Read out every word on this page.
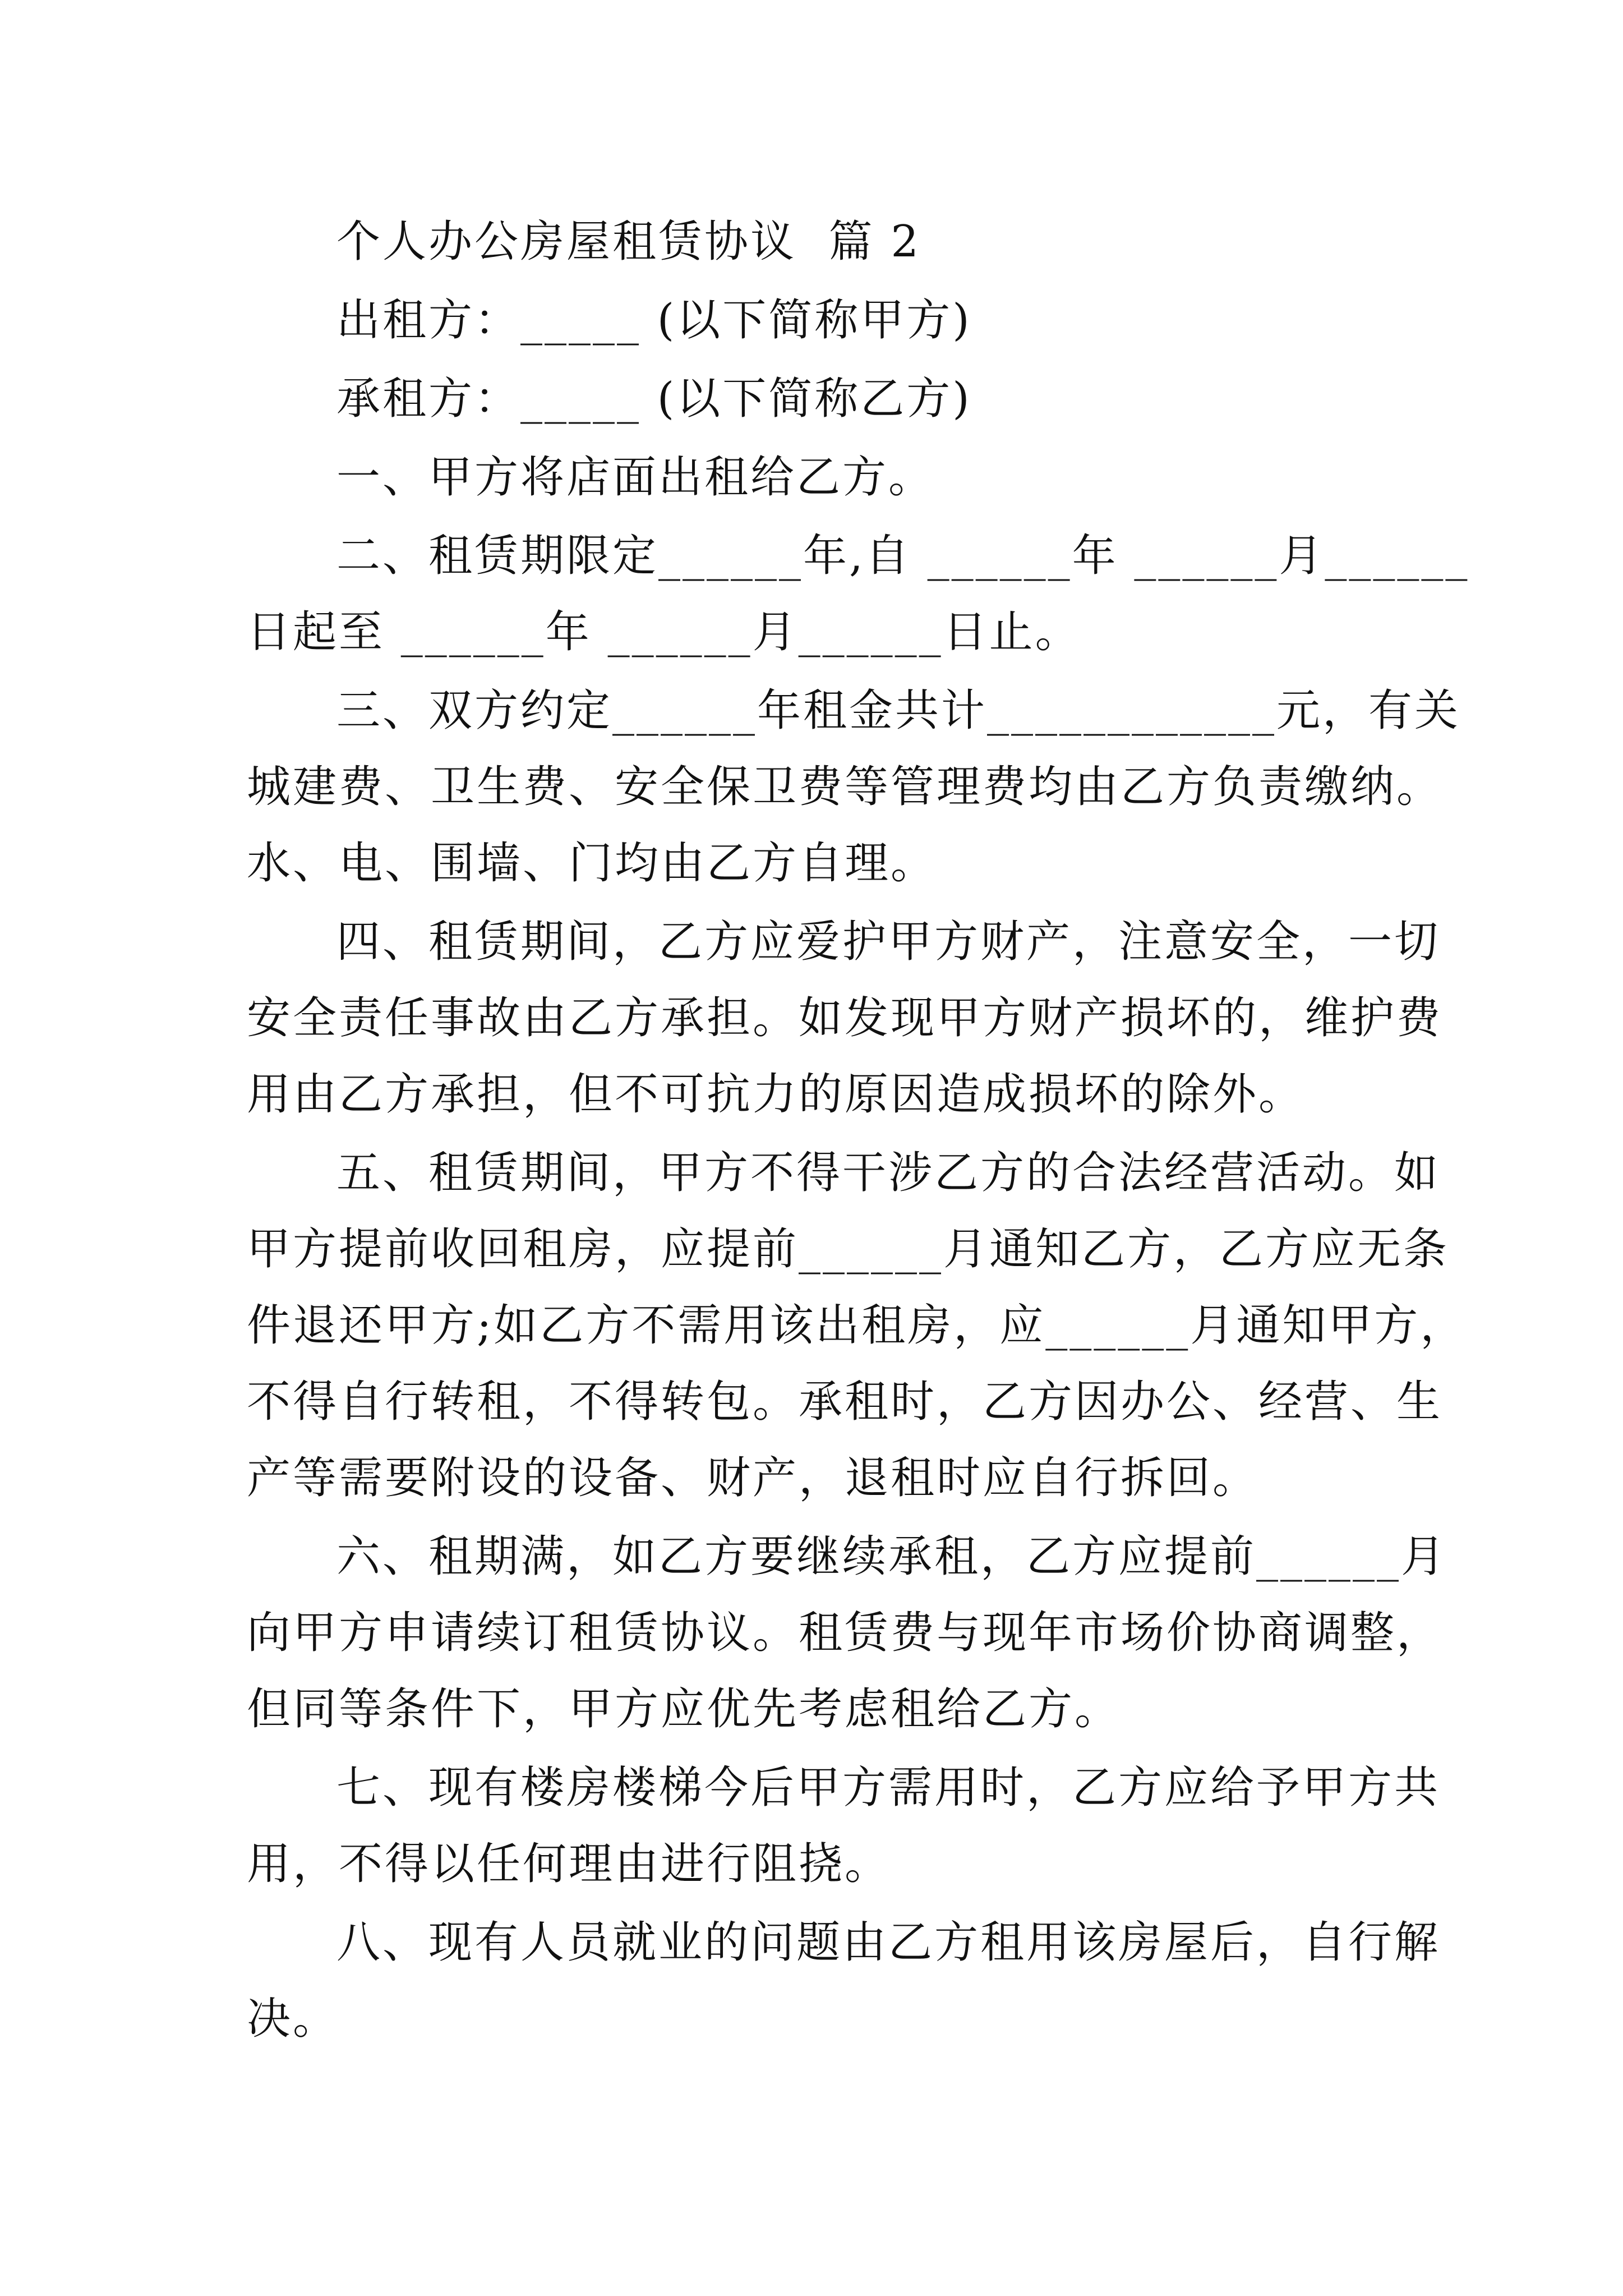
个人办公房屋租赁协议  篇 2
出租方：_____ (以下简称甲方)
承租方：_____ (以下简称乙方)
一、甲方将店面出租给乙方。
二、租赁期限定______年,自 ______年 ______月______
日起至 ______年 ______月______日止。
三、双方约定______年租金共计____________元，有关
城建费、卫生费、安全保卫费等管理费均由乙方负责缴纳。
水、电、围墙、门均由乙方自理。
四、租赁期间，乙方应爱护甲方财产，注意安全，一切
安全责任事故由乙方承担。如发现甲方财产损坏的，维护费
用由乙方承担，但不可抗力的原因造成损坏的除外。
五、租赁期间，甲方不得干涉乙方的合法经营活动。如
甲方提前收回租房，应提前______月通知乙方，乙方应无条
件退还甲方;如乙方不需用该出租房，应______月通知甲方，
不得自行转租，不得转包。承租时，乙方因办公、经营、生
产等需要附设的设备、财产，退租时应自行拆回。
六、租期满，如乙方要继续承租，乙方应提前______月
向甲方申请续订租赁协议。租赁费与现年市场价协商调整，
但同等条件下，甲方应优先考虑租给乙方。
七、现有楼房楼梯今后甲方需用时，乙方应给予甲方共
用，不得以任何理由进行阻挠。
八、现有人员就业的问题由乙方租用该房屋后，自行解
决。
